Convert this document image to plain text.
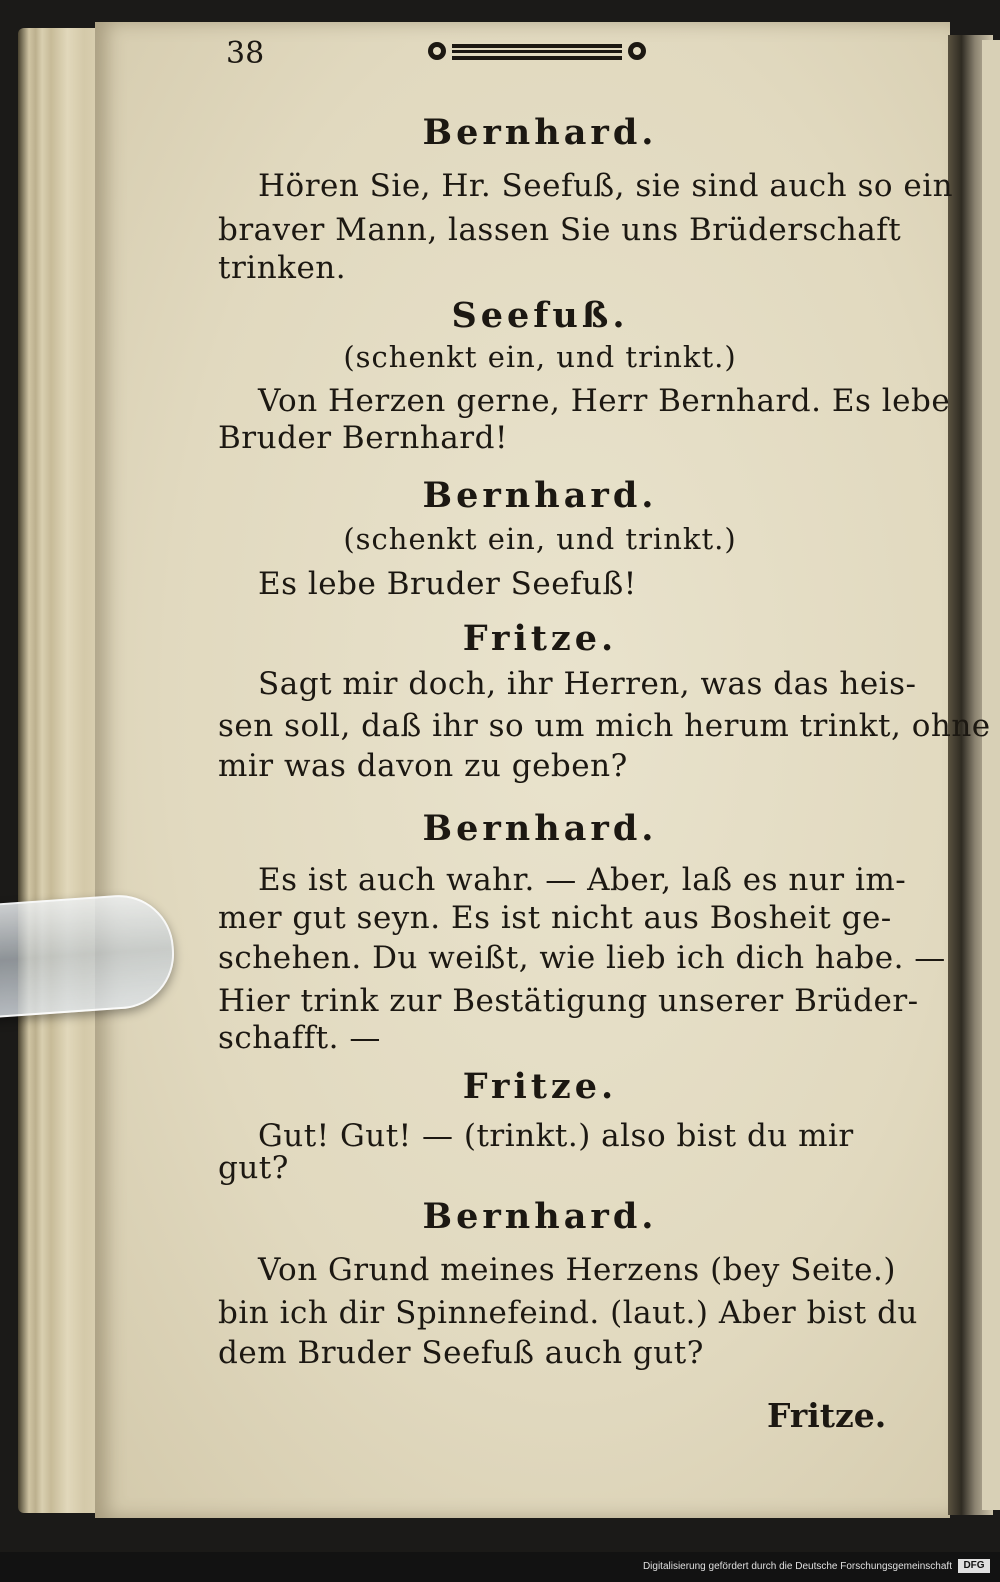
38
Bernhard.
Hören Sie, Hr. Seefuß, sie sind auch so ein
braver Mann, lassen Sie uns Brüderschaft
trinken.
Seefuß.
(schenkt ein, und trinkt.)
Von Herzen gerne, Herr Bernhard. Es lebe
Bruder Bernhard!
Bernhard.
(schenkt ein, und trinkt.)
Es lebe Bruder Seefuß!
Fritze.
Sagt mir doch, ihr Herren, was das heis-
sen soll, daß ihr so um mich herum trinkt, ohne
mir was davon zu geben?
Bernhard.
Es ist auch wahr. — Aber, laß es nur im-
mer gut seyn. Es ist nicht aus Bosheit ge-
schehen. Du weißt, wie lieb ich dich habe. —
Hier trink zur Bestätigung unserer Brüder-
schafft. —
Fritze.
Gut! Gut! — (trinkt.) also bist du mir
gut?
Bernhard.
Von Grund meines Herzens (bey Seite.)
bin ich dir Spinnefeind. (laut.) Aber bist du
dem Bruder Seefuß auch gut?
Fritze.
Digitalisierung gefördert durch die Deutsche Forschungsgemeinschaft	DFG
